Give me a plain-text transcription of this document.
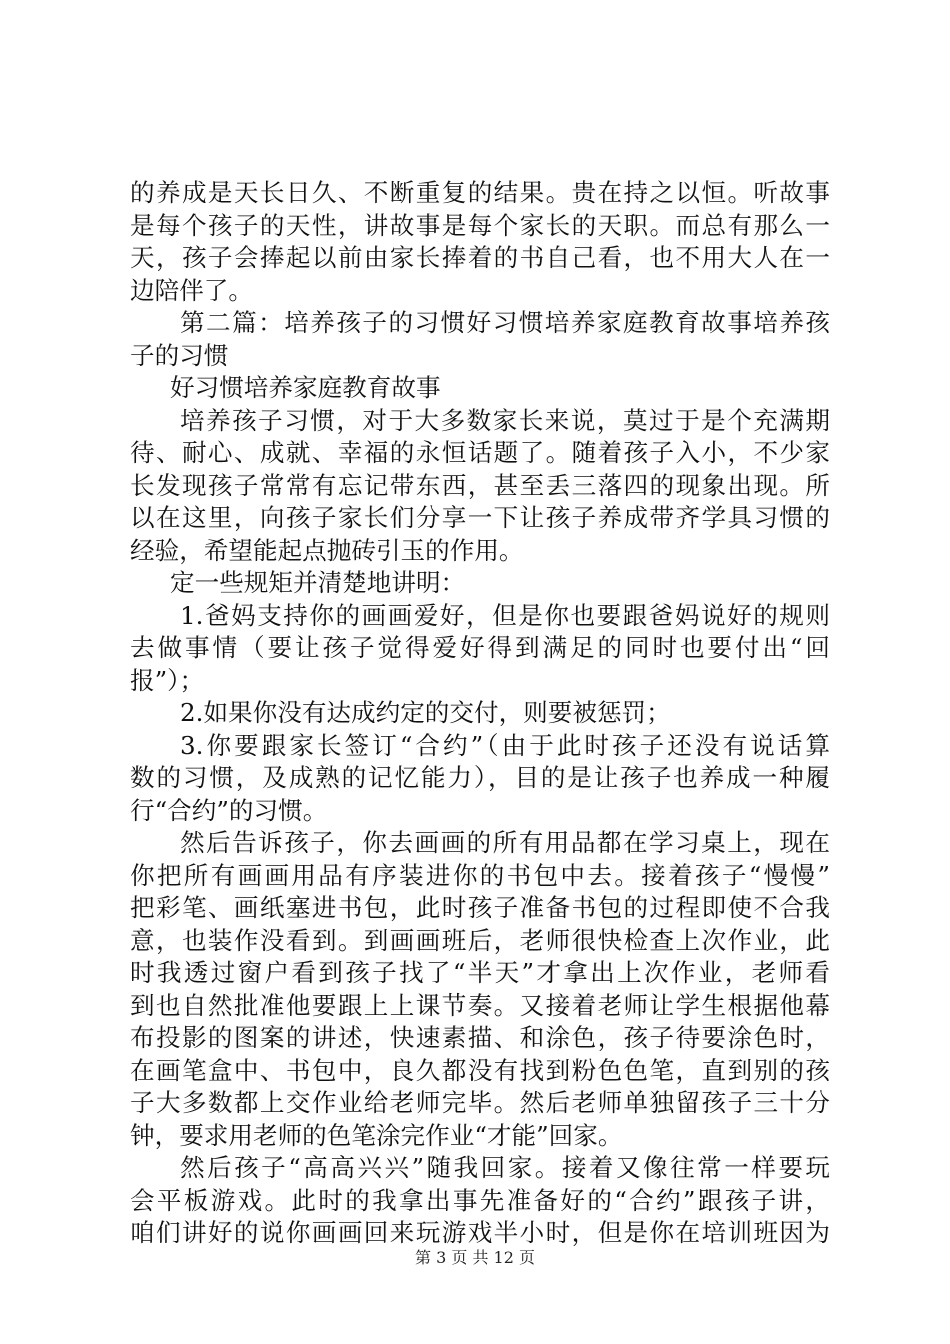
的养成是天长日久、不断重复的结果。贵在持之以恒。听故事
是每个孩子的天性，讲故事是每个家长的天职。而总有那么一
天，孩子会捧起以前由家长捧着的书自己看，也不用大人在一
边陪伴了。
第二篇：培养孩子的习惯好习惯培养家庭教育故事培养孩
子的习惯
好习惯培养家庭教育故事
培养孩子习惯，对于大多数家长来说，莫过于是个充满期
待、耐心、成就、幸福的永恒话题了。随着孩子入小，不少家
长发现孩子常常有忘记带东西，甚至丢三落四的现象出现。所
以在这里，向孩子家长们分享一下让孩子养成带齐学具习惯的
经验，希望能起点抛砖引玉的作用。
定一些规矩并清楚地讲明：
1.爸妈支持你的画画爱好，但是你也要跟爸妈说好的规则
去做事情（要让孩子觉得爱好得到满足的同时也要付出“回
报”）；
2.如果你没有达成约定的交付，则要被惩罚；
3.你要跟家长签订“合约”（由于此时孩子还没有说话算
数的习惯，及成熟的记忆能力），目的是让孩子也养成一种履
行“合约”的习惯。
然后告诉孩子，你去画画的所有用品都在学习桌上，现在
你把所有画画用品有序装进你的书包中去。接着孩子“慢慢”
把彩笔、画纸塞进书包，此时孩子准备书包的过程即使不合我
意，也装作没看到。到画画班后，老师很快检查上次作业，此
时我透过窗户看到孩子找了“半天”才拿出上次作业，老师看
到也自然批准他要跟上上课节奏。又接着老师让学生根据他幕
布投影的图案的讲述，快速素描、和涂色，孩子待要涂色时，
在画笔盒中、书包中，良久都没有找到粉色色笔，直到别的孩
子大多数都上交作业给老师完毕。然后老师单独留孩子三十分
钟，要求用老师的色笔涂完作业“才能”回家。
然后孩子“高高兴兴”随我回家。接着又像往常一样要玩
会平板游戏。此时的我拿出事先准备好的“合约”跟孩子讲，
咱们讲好的说你画画回来玩游戏半小时，但是你在培训班因为
第 3 页 共 12 页
